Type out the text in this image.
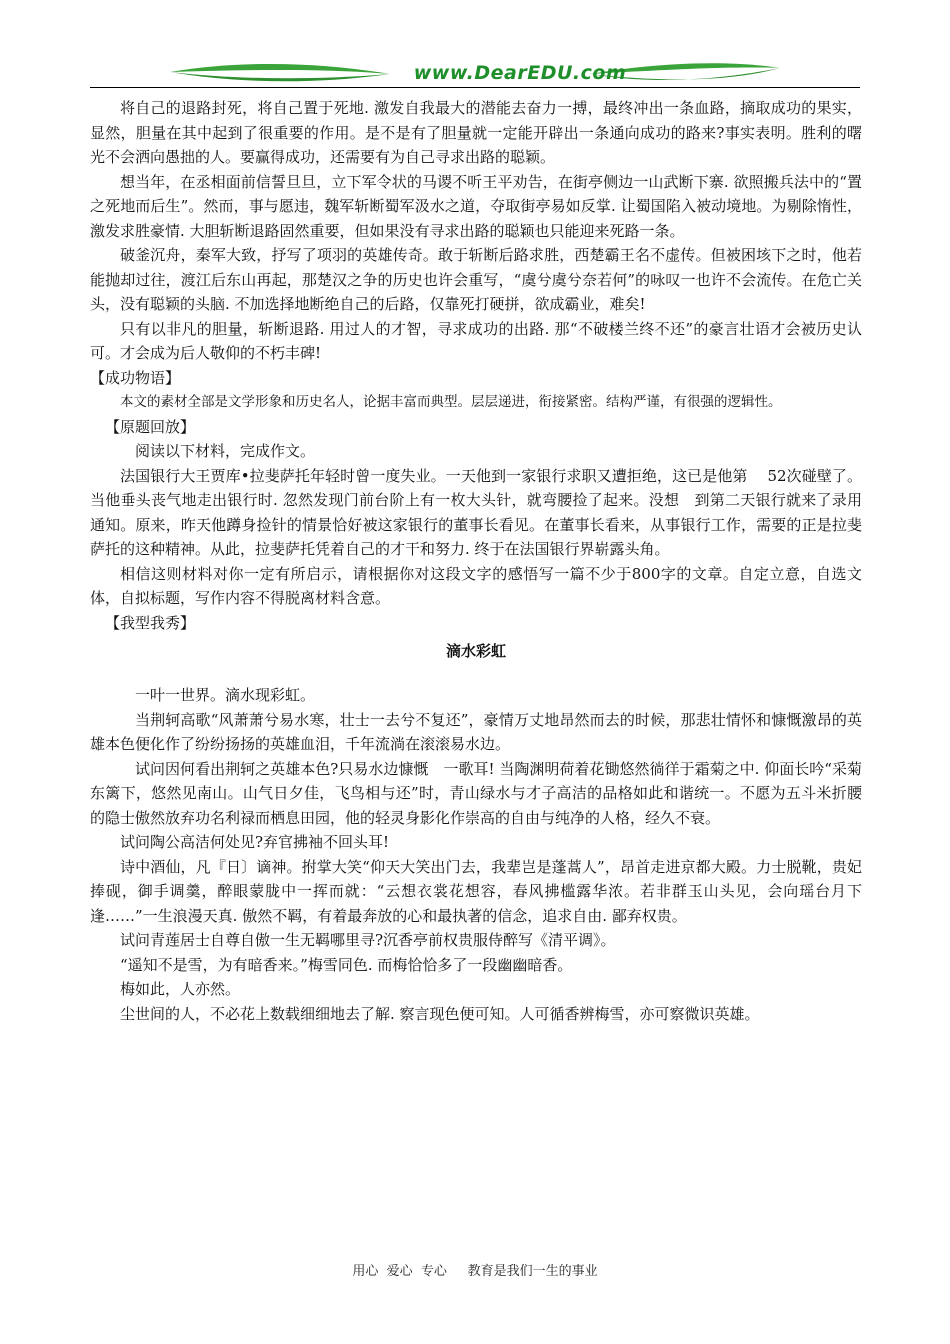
www.DearEDU.com

将自己的退路封死，将自己置于死地. 激发自我最大的潜能去奋力一搏，最终冲出一条血路，摘取成功的果实，显然，胆量在其中起到了很重要的作用。是不是有了胆量就一定能开辟出一条通向成功的路来?事实表明。胜利的曙光不会洒向愚拙的人。要赢得成功，还需要有为自己寻求出路的聪颖。

想当年，在丞相面前信誓旦旦，立下军令状的马谡不听王平劝告，在街亭侧边一山武断下寨. 欲照搬兵法中的“置之死地而后生”。然而，事与愿违，魏军斩断蜀军汲水之道，夺取街亭易如反掌. 让蜀国陷入被动境地。为剔除惰性，激发求胜豪情. 大胆斩断退路固然重要，但如果没有寻求出路的聪颖也只能迎来死路一条。

破釜沉舟，秦军大致，抒写了项羽的英雄传奇。敢于斩断后路求胜，西楚霸王名不虚传。但被困垓下之时，他若能抛却过往，渡江后东山再起，那楚汉之争的历史也许会重写，“虞兮虞兮奈若何”的咏叹一也许不会流传。在危亡关头，没有聪颖的头脑. 不加选择地断绝自己的后路，仅靠死打硬拼，欲成霸业，难矣!

只有以非凡的胆量，斩断退路. 用过人的才智，寻求成功的出路. 那“不破楼兰终不还”的豪言壮语才会被历史认可。才会成为后人敬仰的不朽丰碑!

【成功物语】

本文的素材全部是文学形象和历史名人，论据丰富而典型。层层递进，衔接紧密。结构严谨，有很强的逻辑性。

【原题回放】

阅读以下材料，完成作文。

法国银行大王贾库•拉斐萨托年轻时曾一度失业。一天他到一家银行求职又遭拒绝，这已是他第　 52次碰壁了。当他垂头丧气地走出银行时. 忽然发现门前台阶上有一枚大头针，就弯腰捡了起来。没想　到第二天银行就来了录用通知。原来，昨天他蹲身捡针的情景恰好被这家银行的董事长看见。在董事长看来，从事银行工作，需要的正是拉斐萨托的这种精神。从此，拉斐萨托凭着自己的才干和努力. 终于在法国银行界崭露头角。

相信这则材料对你一定有所启示，请根据你对这段文字的感悟写一篇不少于800字的文章。自定立意，自选文体，自拟标题，写作内容不得脱离材料含意。

【我型我秀】

滴水彩虹

一叶一世界。滴水现彩虹。

当荆轲高歌“风萧萧兮易水寒，壮士一去兮不复还”，豪情万丈地昂然而去的时候，那悲壮情怀和慷慨激昂的英雄本色便化作了纷纷扬扬的英雄血泪，千年流淌在滚滚易水边。

试问因何看出荆轲之英雄本色?只易水边慷慨　一歌耳! 当陶渊明荷着花锄悠然徜徉于霜菊之中. 仰面长吟“采菊东篱下，悠然见南山。山气日夕佳，飞鸟相与还”时，青山绿水与才子高洁的品格如此和谐统一。不愿为五斗米折腰的隐士傲然放弃功名利禄而栖息田园，他的轻灵身影化作崇高的自由与纯净的人格，经久不衰。

试问陶公高洁何处见?弃官拂袖不回头耳!

诗中酒仙，凡『日〕谪神。拊掌大笑“仰天大笑出门去，我辈岂是蓬蒿人”，昂首走进京都大殿。力士脱靴，贵妃捧砚，御手调羹，醉眼蒙胧中一挥而就：“云想衣裳花想容，春风拂槛露华浓。若非群玉山头见，会向瑶台月下逢……”一生浪漫天真. 傲然不羁，有着最奔放的心和最执著的信念，追求自由. 鄙弃权贵。

试问青莲居士自尊自傲一生无羁哪里寻?沉香亭前权贵服侍醉写《清平调》。

“遥知不是雪，为有暗香来。”梅雪同色. 而梅恰恰多了一段幽幽暗香。

梅如此，人亦然。

尘世间的人，不必花上数载细细地去了解. 察言现色便可知。人可循香辨梅雪，亦可察微识英雄。

用心  爱心  专心 教育是我们一生的事业
